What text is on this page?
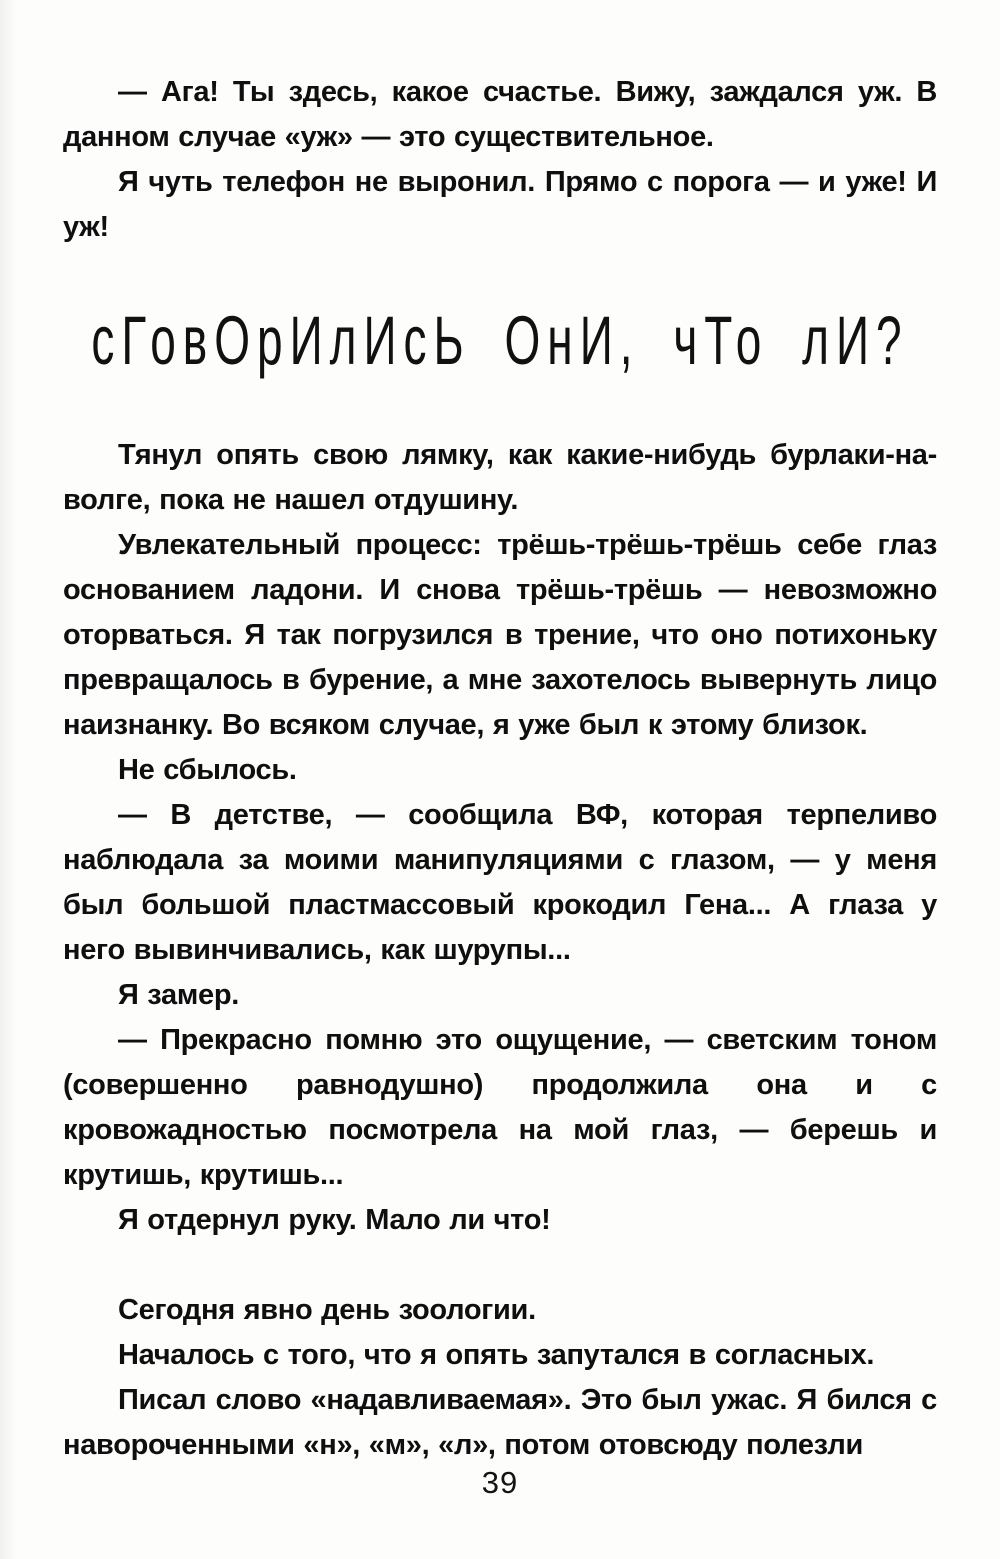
— Ага! Ты здесь, какое счастье. Вижу, заждался уж. В данном случае «уж» — это существительное.

Я чуть телефон не выронил. Прямо с порога — и уже! И уж!

сГовОрИлИсЬ ОнИ, чТо лИ?

Тянул опять свою лямку, как какие-нибудь бурлаки-на-волге, пока не нашел отдушину.

Увлекательный процесс: трёшь-трёшь-трёшь себе глаз основанием ладони. И снова трёшь-трёшь — невозможно оторваться. Я так погрузился в трение, что оно потихоньку превращалось в бурение, а мне захотелось вывернуть лицо наизнанку. Во всяком случае, я уже был к этому близок.

Не сбылось.

— В детстве, — сообщила ВФ, которая терпеливо наблюдала за моими манипуляциями с глазом, — у меня был большой пластмассовый крокодил Гена... А глаза у него вывинчивались, как шурупы...

Я замер.

— Прекрасно помню это ощущение, — светским тоном (совершенно равнодушно) продолжила она и с кровожадностью посмотрела на мой глаз, — берешь и крутишь, крутишь...

Я отдернул руку. Мало ли что!

Сегодня явно день зоологии.

Началось с того, что я опять запутался в согласных.

Писал слово «надавливаемая». Это был ужас. Я бился с навороченными «н», «м», «л», потом отовсюду полезли

39
